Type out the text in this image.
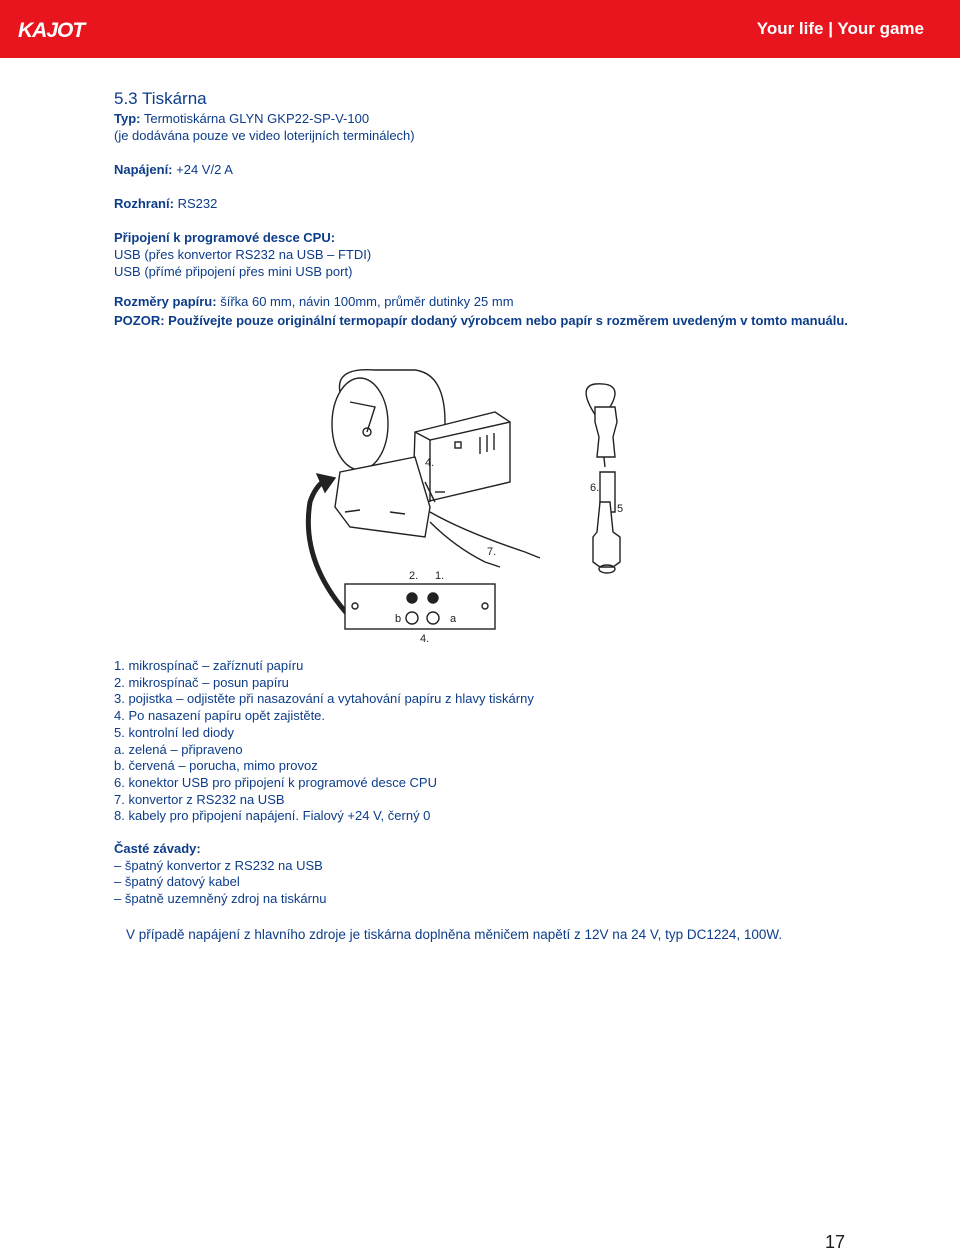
KAJOT	Your life | Your game

5.3 Tiskárna

Typ: Termotiskárna GLYN GKP22-SP-V-100

(je dodávána pouze ve video loterijních terminálech)

Napájení: +24 V/2 A

Rozhraní: RS232

Připojení k programové desce CPU:

USB (přes konvertor RS232 na USB – FTDI)

USB (přímé připojení přes mini USB port)

Rozměry papíru: šířka 60 mm, návin 100mm, průměr dutinky 25 mm

POZOR: Používejte pouze originální termopapír dodaný výrobcem nebo papír s rozměrem uvedeným v tomto manuálu.

4.
1.
2.
4.
5
6.
7.
a
b
1. mikrospínač – zaříznutí papíru
2. mikrospínač – posun papíru
3. pojistka – odjistěte při nasazování a vytahování papíru z hlavy tiskárny
4. Po nasazení papíru opět zajistěte.
5. kontrolní led diody
a. zelená – připraveno
b. červená – porucha, mimo provoz
6. konektor USB pro připojení k programové desce CPU
7. konvertor z RS232 na USB
8. kabely pro připojení napájení. Fialový +24 V, černý 0
Časté závady:
– špatný konvertor z RS232 na USB
– špatný datový kabel
– špatně uzemněný zdroj na tiskárnu
V případě napájení z hlavního zdroje je tiskárna doplněna měničem napětí z 12V na 24 V, typ DC1224, 100W.
17
